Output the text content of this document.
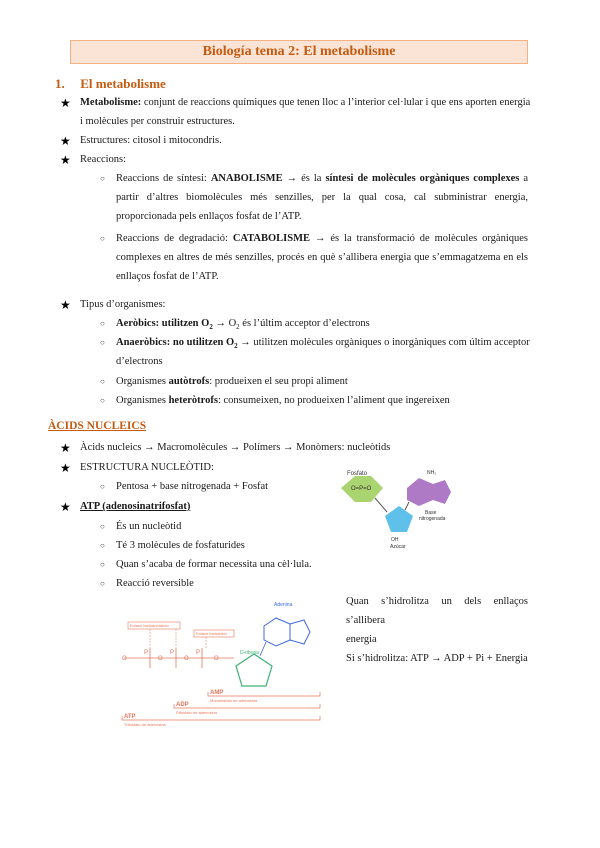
Biología tema 2: El metabolisme
1. El metabolisme
★ Metabolisme: conjunt de reaccions químiques que tenen lloc a l’interior cel·lular i que ens aporten energia
i molècules per construir estructures.
★ Estructures: citosol i mitocondris.
★ Reaccions:
○ Reaccions de síntesi: ANABOLISME → és la síntesi de molècules orgàniques complexes a partir d’altres biomolècules més senzilles, per la qual cosa, cal subministrar energia, proporcionada pels enllaços fosfat de l’ATP.
○ Reaccions de degradació: CATABOLISME → és la transformació de molècules orgàniques complexes en altres de més senzilles, procés en què s’allibera energia que s’emmagatzema en els enllaços fosfat de l’ATP.
★ Tipus d’organismes:
○ Aeròbics: utilitzen $O_2 \to O_2$ és l’últim acceptor d’electrons
○ Anaeròbics: no utilitzen $O_2$ → utilitzen molècules orgàniques o inorgàniques com últim acceptor
d’electrons
○ Organismes autòtrofs: produeixen el seu propi aliment
○ Organismes heteròtrofs: consumeixen, no produeixen l’aliment que ingereixen
ÀCIDS NUCLEICS
★ Àcids nucleics → Macromolècules → Polímers → Monòmers: nucleòtids
★ ESTRUCTURA NUCLEÒTID:
○ Pentosa + base nitrogenada + Fosfat
★ ATP (adenosinatrifosfat)
○ És un nucleòtid
○ Té 3 molècules de fosfaturides
○ Quan s’acaba de formar necessita una cèl·lula.
○ Reacció reversible
Quan s’hidrolitza un dels enllaços s’allibera
energia
Si s’hidrolitza: ATP → ADP + Pi + Energia
O=P=O
Fosfato
OH
Azúcar
NH₂
Base
nitrogenada
Adenina
P	P	P
O	O	O	O
Enlace fosfoanhídrido
Enlace fosfoéster
D-ribosa
AMP
Monofosfato de adenosina
ADP
Difosfato de adenosina
ATP
Trifosfato de adenosina
